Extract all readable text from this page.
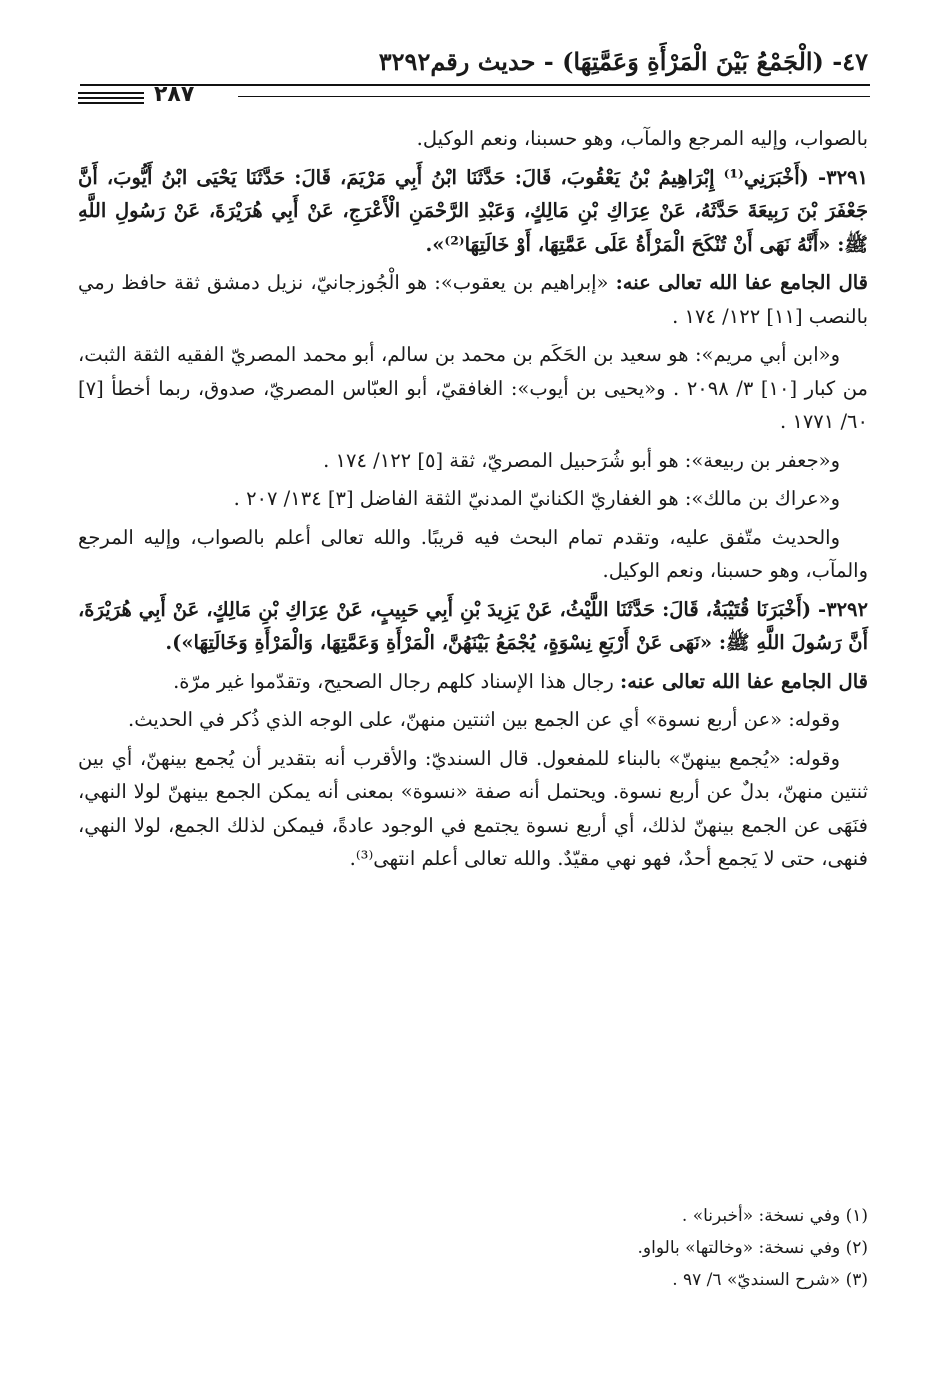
٤٧- (الْجَمْعُ بَيْنَ الْمَرْأَةِ وَعَمَّتِهَا) - حديث رقم٣٢٩٢
٢٨٧

بالصواب، وإليه المرجع والمآب، وهو حسبنا، ونعم الوكيل.

٣٢٩١- (أَخْبَرَنِي⁽¹⁾ إِبْرَاهِيمُ بْنُ يَعْقُوبَ، قَالَ: حَدَّثَنَا ابْنُ أَبِي مَرْيَمَ، قَالَ: حَدَّثَنَا يَحْيَى ابْنُ أَيُّوبَ، أَنَّ جَعْفَرَ بْنَ رَبِيعَةَ حَدَّثَهُ، عَنْ عِرَاكِ بْنِ مَالِكٍ، وَعَبْدِ الرَّحْمَنِ الْأَعْرَجِ، عَنْ أَبِي هُرَيْرَةَ، عَنْ رَسُولِ اللَّهِ ﷺ: «أَنَّهُ نَهَى أَنْ تُنْكَحَ الْمَرْأَةُ عَلَى عَمَّتِهَا، أَوْ خَالَتِهَا⁽²⁾».

قال الجامع عفا الله تعالى عنه: «إبراهيم بن يعقوب»: هو الْجُوزجانيّ، نزيل دمشق ثقة حافظ رمي بالنصب [١١] ١٢٢/ ١٧٤ .

و«ابن أبي مريم»: هو سعيد بن الحَكَم بن محمد بن سالم، أبو محمد المصريّ الفقيه الثقة الثبت، من كبار [١٠] ٣/ ٢٠٩٨ . و«يحيى بن أيوب»: الغافقيّ، أبو العبّاس المصريّ، صدوق، ربما أخطأ [٧] ٦٠/ ١٧٧١ .

و«جعفر بن ربيعة»: هو أبو شُرَحبيل المصريّ، ثقة [٥] ١٢٢/ ١٧٤ .

و«عراك بن مالك»: هو الغفاريّ الكنانيّ المدنيّ الثقة الفاضل [٣] ١٣٤/ ٢٠٧ .

والحديث متّفق عليه، وتقدم تمام البحث فيه قريبًا. والله تعالى أعلم بالصواب، وإليه المرجع والمآب، وهو حسبنا، ونعم الوكيل.

٣٢٩٢- (أَخْبَرَنَا قُتَيْبَةُ، قَالَ: حَدَّثَنَا اللَّيْثُ، عَنْ يَزِيدَ بْنِ أَبِي حَبِيبٍ، عَنْ عِرَاكِ بْنِ مَالِكٍ، عَنْ أَبِي هُرَيْرَةَ، أَنَّ رَسُولَ اللَّهِ ﷺ: «نَهَى عَنْ أَرْبَعِ نِسْوَةٍ، يُجْمَعُ بَيْنَهُنَّ، الْمَرْأَةِ وَعَمَّتِهَا، وَالْمَرْأَةِ وَخَالَتِهَا»).

قال الجامع عفا الله تعالى عنه: رجال هذا الإسناد كلهم رجال الصحيح، وتقدّموا غير مرّة.

وقوله: «عن أربع نسوة» أي عن الجمع بين اثنتين منهنّ، على الوجه الذي ذُكر في الحديث.

وقوله: «يُجمع بينهنّ» بالبناء للمفعول. قال السنديّ: والأقرب أنه بتقدير أن يُجمع بينهنّ، أي بين ثنتين منهنّ، بدلٌ عن أربع نسوة. ويحتمل أنه صفة «نسوة» بمعنى أنه يمكن الجمع بينهنّ لولا النهي، فنَهَى عن الجمع بينهنّ لذلك، أي أربع نسوة يجتمع في الوجود عادةً، فيمكن لذلك الجمع، لولا النهي، فنهى، حتى لا يَجمع أحدٌ، فهو نهي مقيّدٌ. والله تعالى أعلم انتهى⁽³⁾.

(١) وفي نسخة: «أخبرنا» .

(٢) وفي نسخة: «وخالتها» بالواو.

(٣) «شرح السنديّ» ٦/ ٩٧ .
